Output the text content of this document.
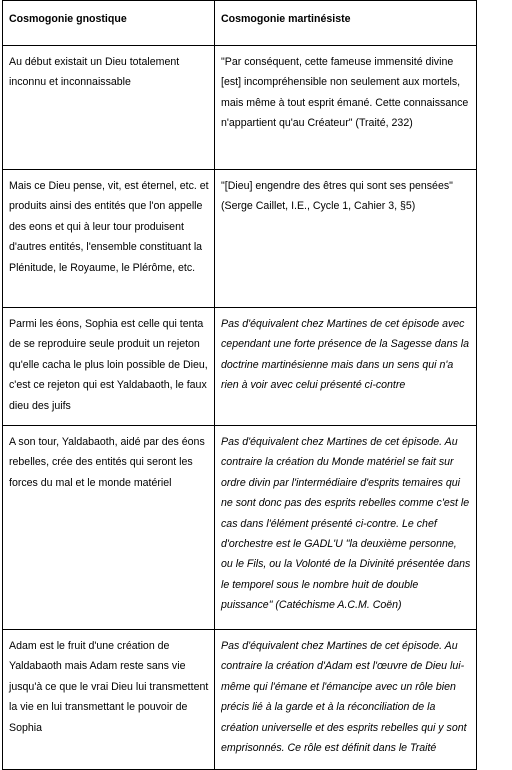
Cosmogonie gnostique	Cosmogonie martinésiste
Au début existait un Dieu totalement inconnu et inconnaissable	"Par conséquent, cette fameuse immensité divine [est] incompréhensible non seulement aux mortels, mais même à tout esprit émané. Cette connaissance n'appartient qu'au Créateur" (Traité, 232)
Mais ce Dieu pense, vit, est éternel, etc. et produits ainsi des entités que l'on appelle des eons et qui à leur tour produisent d'autres entités, l'ensemble constituant la Plénitude, le Royaume, le Plérôme, etc.	"[Dieu] engendre des êtres qui sont ses pensées" (Serge Caillet, I.E., Cycle 1, Cahier 3, §5)
Parmi les éons, Sophia est celle qui tenta de se reproduire seule produit un rejeton qu'elle cacha le plus loin possible de Dieu, c'est ce rejeton qui est Yaldabaoth, le faux dieu des juifs	Pas d'équivalent chez Martines de cet épisode avec cependant une forte présence de la Sagesse dans la doctrine martinésienne mais dans un sens qui n'a rien à voir avec celui présenté ci-contre
A son tour, Yaldabaoth, aidé par des éons rebelles, crée des entités qui seront les forces du mal et le monde matériel	Pas d'équivalent chez Martines de cet épisode. Au contraire la création du Monde matériel se fait sur ordre divin par l'intermédiaire d'esprits temaires qui ne sont donc pas des esprits rebelles comme c'est le cas dans l'élément présenté ci-contre. Le chef d'orchestre est le GADL'U "la deuxième personne, ou le Fils, ou la Volonté de la Divinité présentée dans le temporel sous le nombre huit de double puissance" (Catéchisme A.C.M. Coën)
Adam est le fruit d'une création de Yaldabaoth mais Adam reste sans vie jusqu'à ce que le vrai Dieu lui transmettent la vie en lui transmettant le pouvoir de Sophia	Pas d'équivalent chez Martines de cet épisode. Au contraire la création d'Adam est l'œuvre de Dieu lui-même qui l'émane et l'émancipe avec un rôle bien précis lié à la garde et à la réconciliation de la création universelle et des esprits rebelles qui y sont emprisonnés. Ce rôle est définit dans le Traité
